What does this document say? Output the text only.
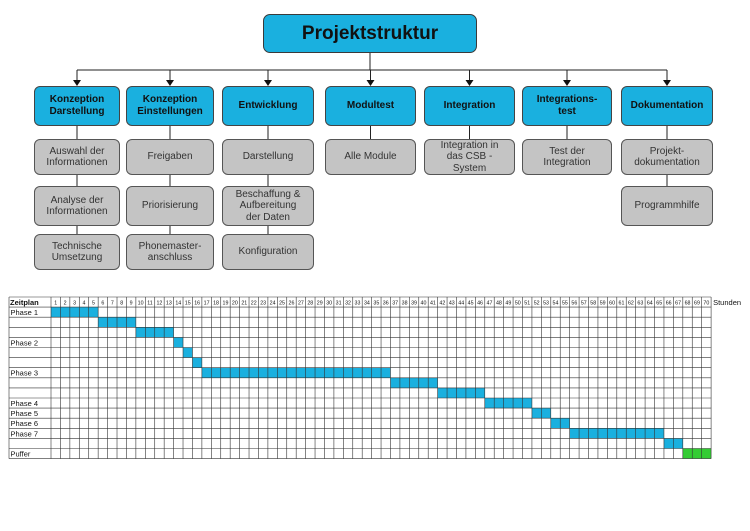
Projektstruktur
Konzeption
Darstellung
Auswahl der
Informationen
Analyse der
Informationen
Technische
Umsetzung
Konzeption
Einstellungen
Freigaben
Priorisierung
Phonemaster-
anschluss
Entwicklung
Darstellung
Beschaffung &
Aufbereitung
der Daten
Konfiguration
Modultest
Alle Module
Integration
Integration in
das CSB -
System
Integrations-
test
Test der
Integration
Dokumentation
Projekt-
dokumentation
Programmhilfe
Zeitplan	1 2 3 4 5 6 7 8 9 10 11 12 13 14 15 16 17 18 19 20 21 22 23 24 25 26 27 28 29 30 31 32 33 34 35 36 37 38 39 40 41 42 43 44 45 46 47 48 49 50 51 52 53 54 55 56 57 58 59 60 61 62 63 64 65 66 67 68 69 70 Stunden
Phase 1
Phase 2
Phase 3
Phase 4
Phase 5
Phase 6
Phase 7
Puffer
